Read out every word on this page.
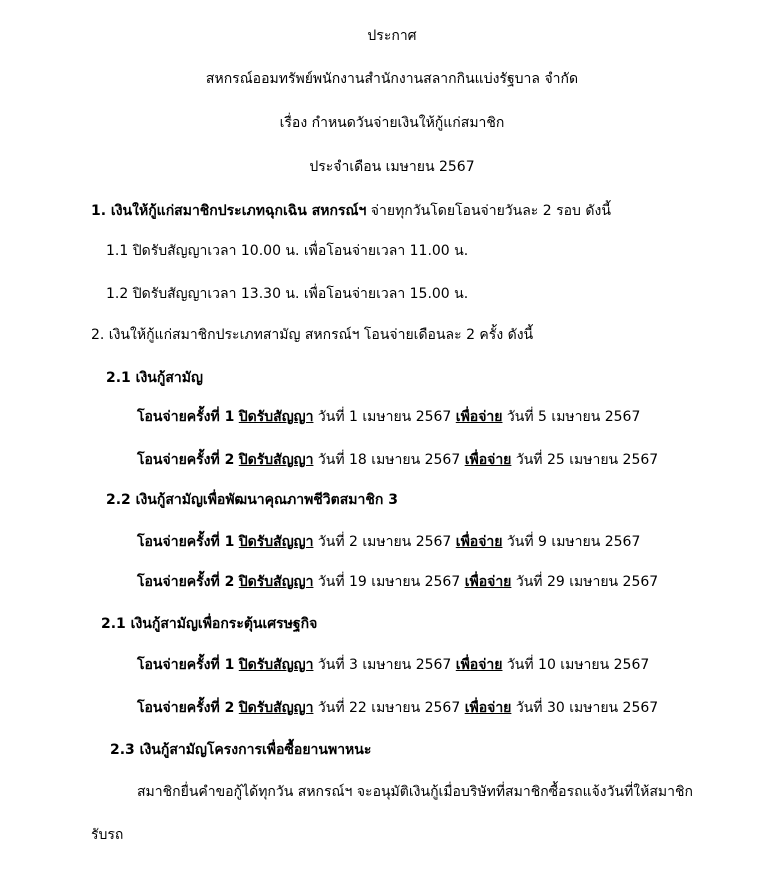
ประกาศ
สหกรณ์ออมทรัพย์พนักงานสำนักงานสลากกินแบ่งรัฐบาล จำกัด
เรื่อง กำหนดวันจ่ายเงินให้กู้แก่สมาชิก
ประจำเดือน เมษายน 2567
1. เงินให้กู้แก่สมาชิกประเภทฉุกเฉิน สหกรณ์ฯ จ่ายทุกวันโดยโอนจ่ายวันละ 2 รอบ ดังนี้
1.1 ปิดรับสัญญาเวลา 10.00 น. เพื่อโอนจ่ายเวลา 11.00 น.
1.2 ปิดรับสัญญาเวลา 13.30 น. เพื่อโอนจ่ายเวลา 15.00 น.
2. เงินให้กู้แก่สมาชิกประเภทสามัญ สหกรณ์ฯ โอนจ่ายเดือนละ 2 ครั้ง ดังนี้
2.1 เงินกู้สามัญ
โอนจ่ายครั้งที่ 1 ปิดรับสัญญา วันที่ 1 เมษายน 2567 เพื่อจ่าย วันที่ 5 เมษายน 2567
โอนจ่ายครั้งที่ 2 ปิดรับสัญญา วันที่ 18 เมษายน 2567 เพื่อจ่าย วันที่ 25 เมษายน 2567
2.2 เงินกู้สามัญเพื่อพัฒนาคุณภาพชีวิตสมาชิก 3
โอนจ่ายครั้งที่ 1 ปิดรับสัญญา วันที่ 2 เมษายน 2567 เพื่อจ่าย วันที่ 9 เมษายน 2567
โอนจ่ายครั้งที่ 2 ปิดรับสัญญา วันที่ 19 เมษายน 2567 เพื่อจ่าย วันที่ 29 เมษายน 2567
2.1 เงินกู้สามัญเพื่อกระตุ้นเศรษฐกิจ
โอนจ่ายครั้งที่ 1 ปิดรับสัญญา วันที่ 3 เมษายน 2567 เพื่อจ่าย วันที่ 10 เมษายน 2567
โอนจ่ายครั้งที่ 2 ปิดรับสัญญา วันที่ 22 เมษายน 2567 เพื่อจ่าย วันที่ 30 เมษายน 2567
2.3 เงินกู้สามัญโครงการเพื่อซื้อยานพาหนะ
สมาชิกยื่นคำขอกู้ได้ทุกวัน สหกรณ์ฯ จะอนุมัติเงินกู้เมื่อบริษัทที่สมาชิกซื้อรถแจ้งวันที่ให้สมาชิก
รับรถ
